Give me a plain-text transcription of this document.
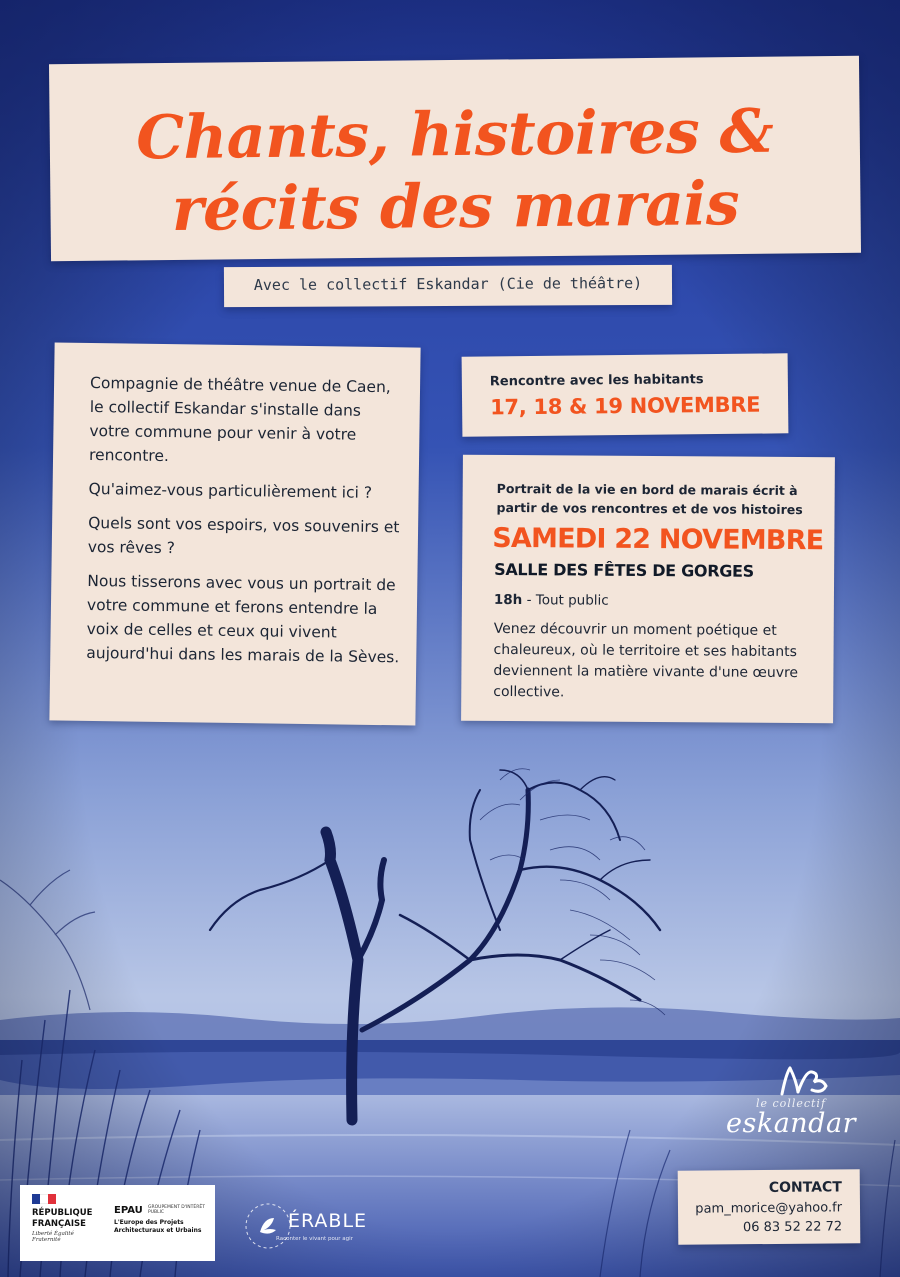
Chants, histoires &
récits des marais
Avec le collectif Eskandar (Cie de théâtre)

Compagnie de théâtre venue de Caen, le collectif Eskandar s'installe dans votre commune pour venir à votre rencontre.

Qu'aimez-vous particulièrement ici ?

Quels sont vos espoirs, vos souvenirs et vos rêves ?

Nous tisserons avec vous un portrait de votre commune et ferons entendre la voix de celles et ceux qui vivent aujourd'hui dans les marais de la Sèves.

Rencontre avec les habitants
17, 18 & 19 NOVEMBRE
Portrait de la vie en bord de marais écrit à partir de vos rencontres et de vos histoires
SAMEDI 22 NOVEMBRE
SALLE DES FÊTES DE GORGES
18h - Tout public
Venez découvrir un moment poétique et chaleureux, où le territoire et ses habitants deviennent la matière vivante d'une œuvre collective.
le collectif
eskandar
CONTACT
pam_morice@yahoo.fr
06 83 52 22 72
RÉPUBLIQUE
FRANÇAISE
Liberté Égalité Fraternité
EPAU GROUPEMENT D'INTÉRÊT PUBLIC
L'Europe des Projets Architecturaux et Urbains	ÉRABLE
Raconter le vivant pour agir
